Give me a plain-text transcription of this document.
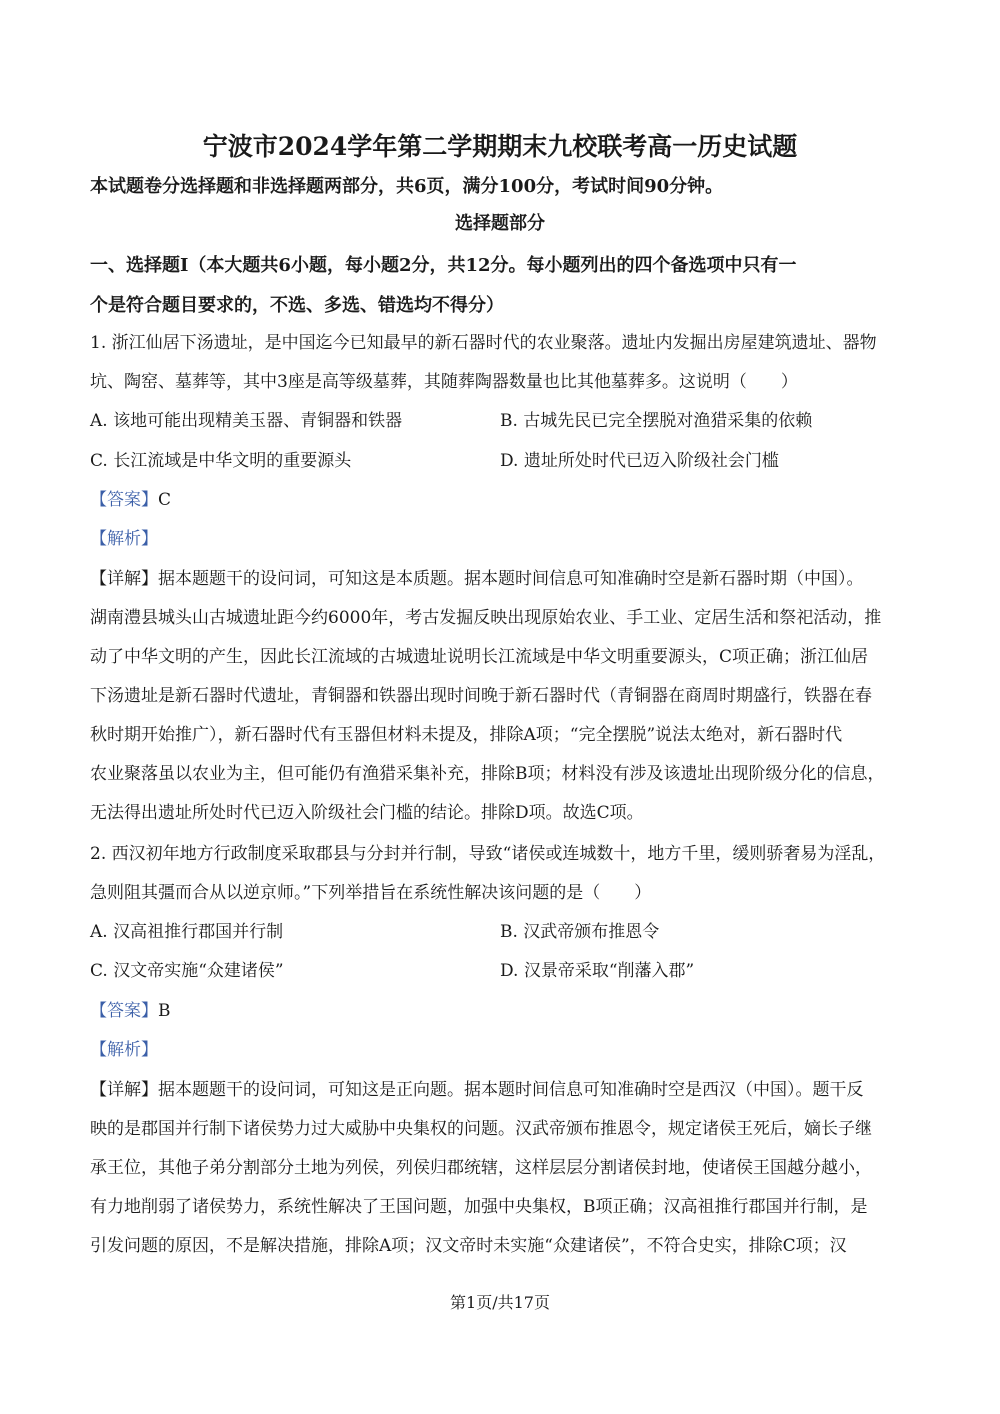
宁波市2024学年第二学期期末九校联考高一历史试题
本试题卷分选择题和非选择题两部分，共6页，满分100分，考试时间90分钟。
选择题部分
一、选择题Ⅰ（本大题共6小题，每小题2分，共12分。每小题列出的四个备选项中只有一
个是符合题目要求的，不选、多选、错选均不得分）
1. 浙江仙居下汤遗址，是中国迄今已知最早的新石器时代的农业聚落。遗址内发掘出房屋建筑遗址、器物
坑、陶窑、墓葬等，其中3座是高等级墓葬，其随葬陶器数量也比其他墓葬多。这说明（　　）
A. 该地可能出现精美玉器、青铜器和铁器	B. 古城先民已完全摆脱对渔猎采集的依赖
C. 长江流域是中华文明的重要源头	D. 遗址所处时代已迈入阶级社会门槛
【答案】C
【解析】
【详解】据本题题干的设问词，可知这是本质题。据本题时间信息可知准确时空是新石器时期（中国）。
湖南澧县城头山古城遗址距今约6000年，考古发掘反映出现原始农业、手工业、定居生活和祭祀活动，推
动了中华文明的产生，因此长江流域的古城遗址说明长江流域是中华文明重要源头，C项正确；浙江仙居
下汤遗址是新石器时代遗址，青铜器和铁器出现时间晚于新石器时代（青铜器在商周时期盛行，铁器在春
秋时期开始推广），新石器时代有玉器但材料未提及，排除A项；“完全摆脱”说法太绝对，新石器时代
农业聚落虽以农业为主，但可能仍有渔猎采集补充，排除B项；材料没有涉及该遗址出现阶级分化的信息，
无法得出遗址所处时代已迈入阶级社会门槛的结论。排除D项。故选C项。
2. 西汉初年地方行政制度采取郡县与分封并行制，导致“诸侯或连城数十，地方千里，缓则骄奢易为淫乱，
急则阻其彊而合从以逆京师。”下列举措旨在系统性解决该问题的是（　　）
A. 汉高祖推行郡国并行制	B. 汉武帝颁布推恩令
C. 汉文帝实施“众建诸侯”	D. 汉景帝采取“削藩入郡”
【答案】B
【解析】
【详解】据本题题干的设问词，可知这是正向题。据本题时间信息可知准确时空是西汉（中国）。题干反
映的是郡国并行制下诸侯势力过大威胁中央集权的问题。汉武帝颁布推恩令，规定诸侯王死后，嫡长子继
承王位，其他子弟分割部分土地为列侯，列侯归郡统辖，这样层层分割诸侯封地，使诸侯王国越分越小，
有力地削弱了诸侯势力，系统性解决了王国问题，加强中央集权，B项正确；汉高祖推行郡国并行制，是
引发问题的原因，不是解决措施，排除A项；汉文帝时未实施“众建诸侯”，不符合史实，排除C项；汉
第1页/共17页
